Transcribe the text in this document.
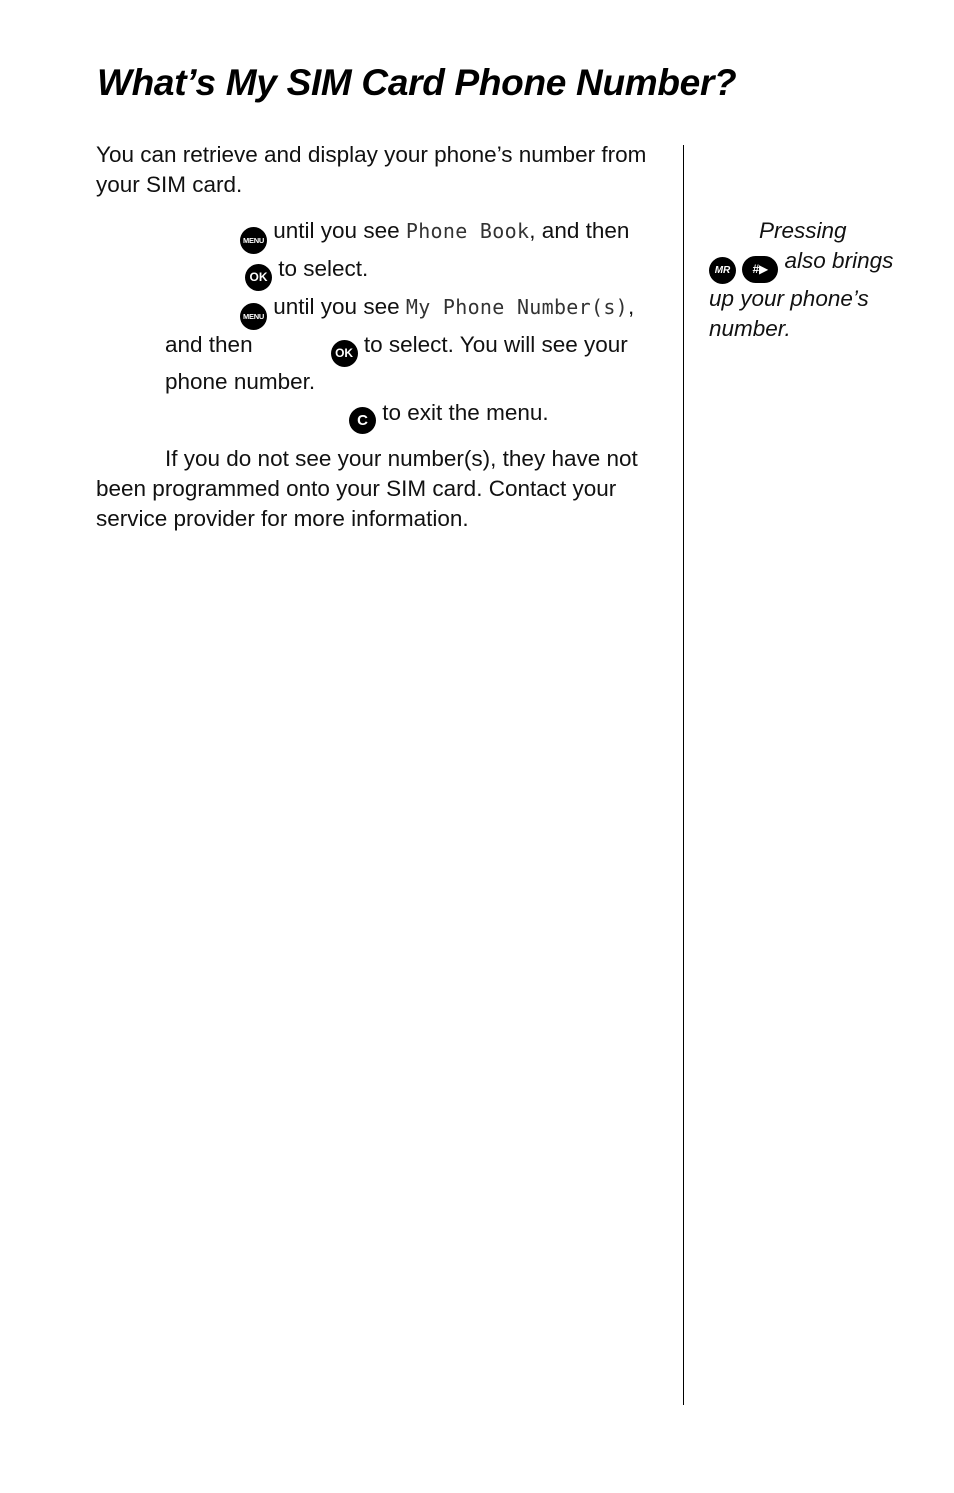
What’s My SIM Card Phone Number?

You can retrieve and display your phone’s number from your SIM card.

MENU until you see Phone Book, and thenOK to select.

MENU until you see My Phone Number(s), and then	OK to select. You will see your phone number.

C to exit the menu.

If you do not see your number(s), they have not been programmed onto your SIM card. Contact your service provider for more information.

Pressing
MR #▶ also brings up your phone’s number.
